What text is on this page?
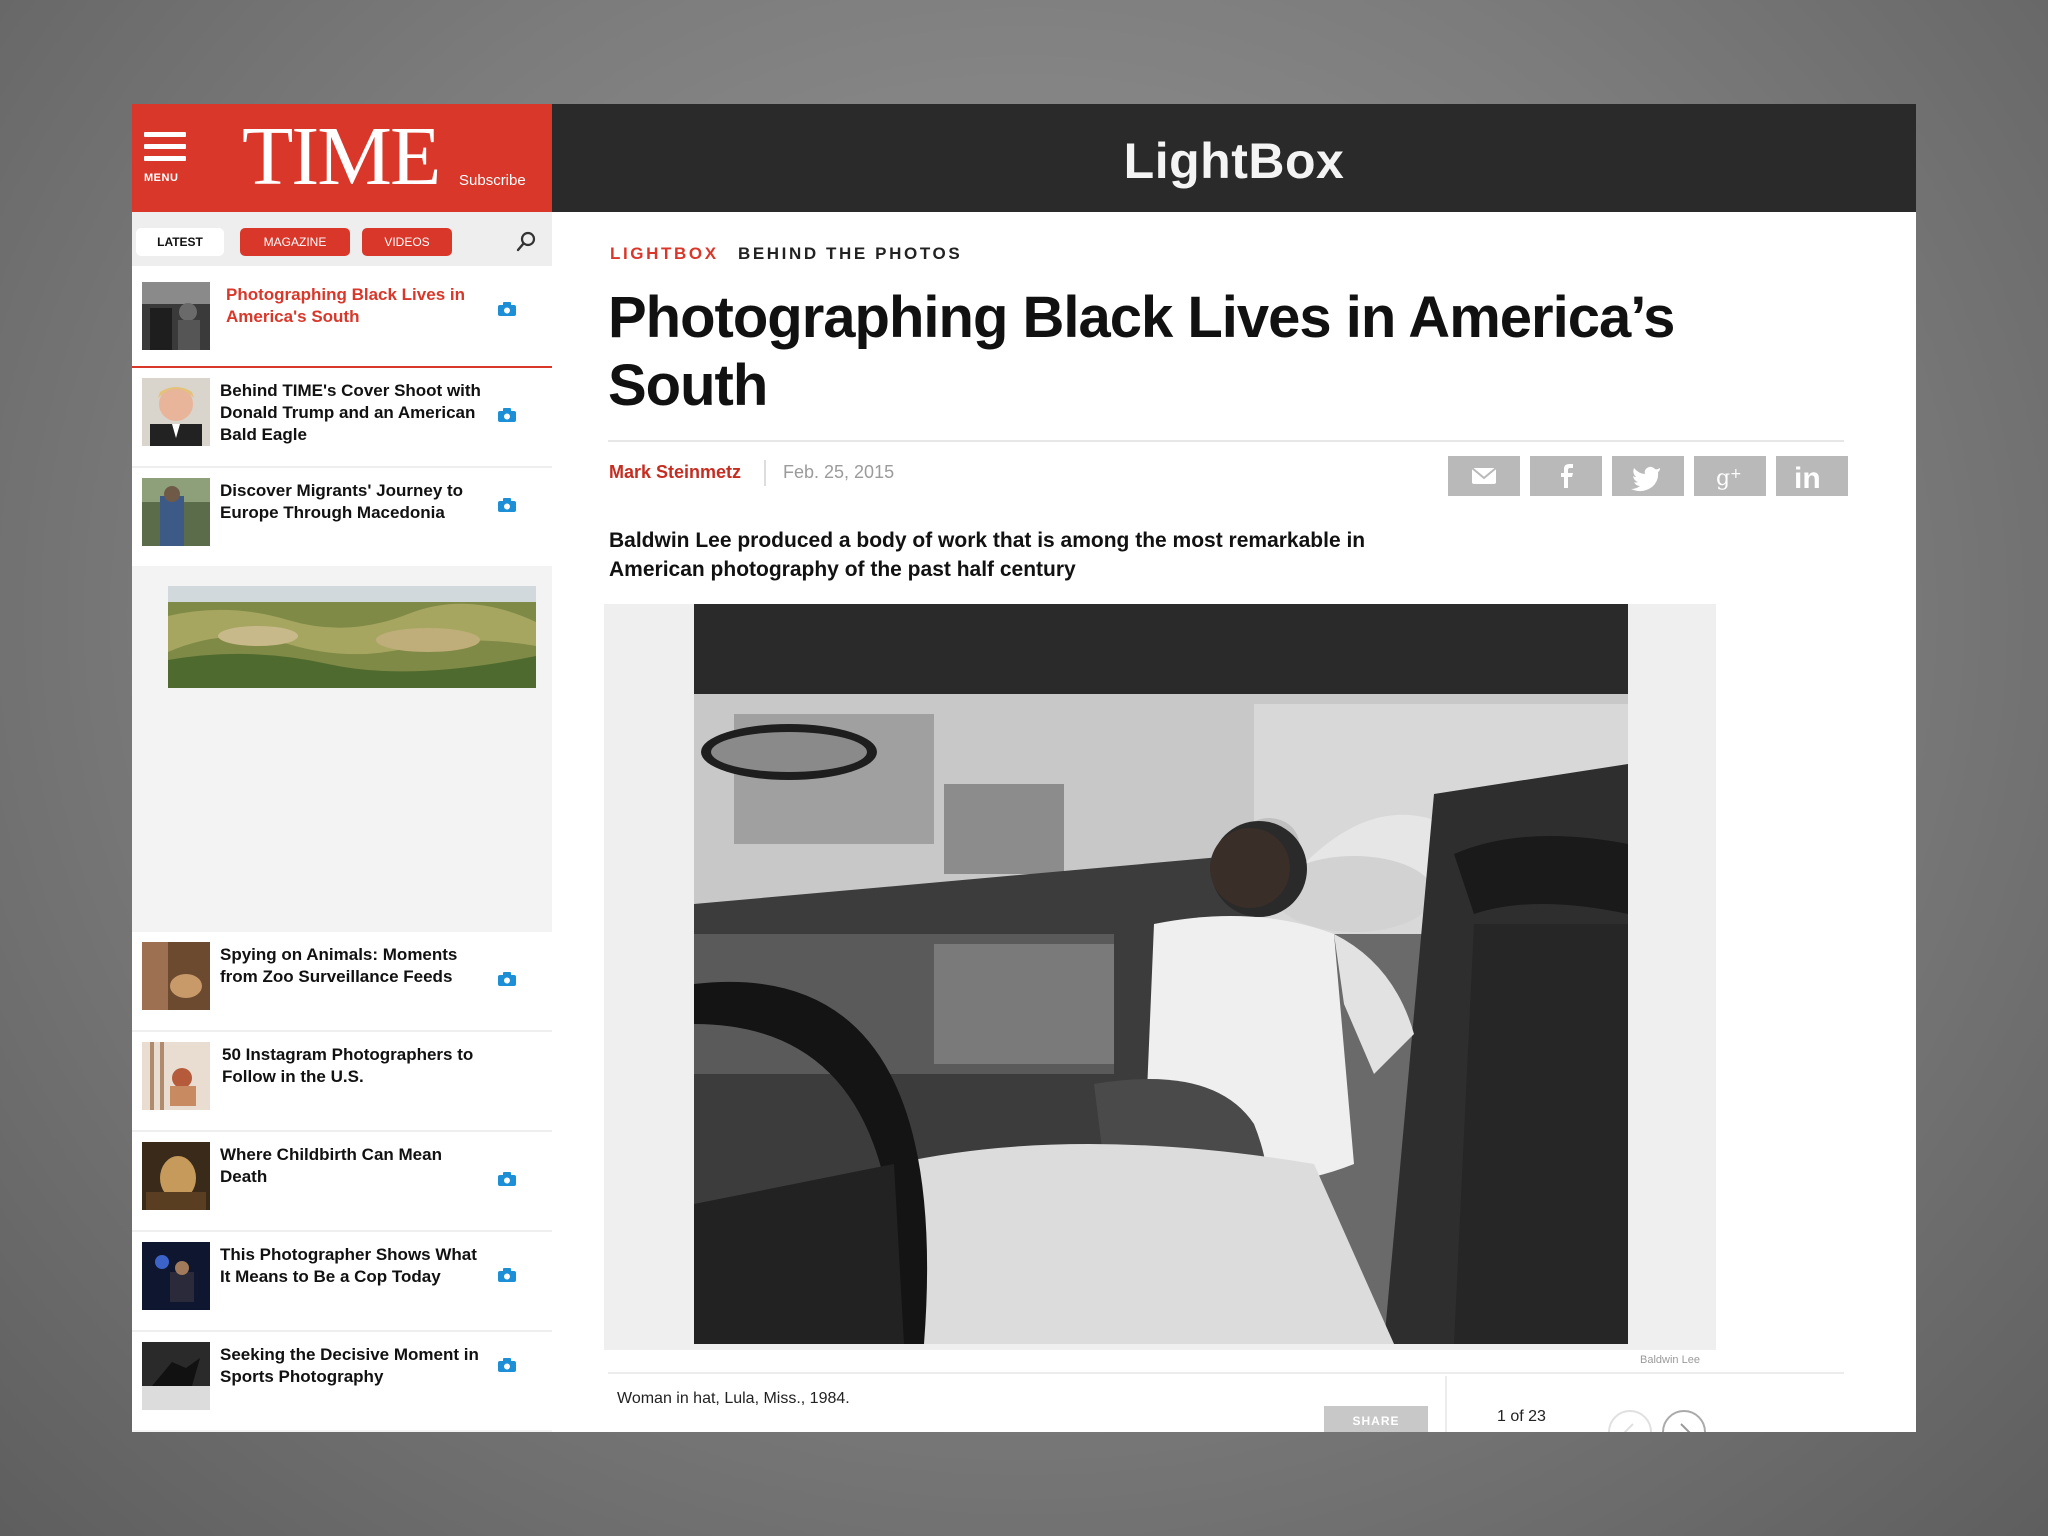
MENU TIME Subscribe
LATEST	MAGAZINE	VIDEOS
Photographing Black Lives in America's South
Behind TIME's Cover Shoot with Donald Trump and an American Bald Eagle
Discover Migrants' Journey to Europe Through Macedonia
Spying on Animals: Moments from Zoo Surveillance Feeds
50 Instagram Photographers to Follow in the U.S.
Where Childbirth Can Mean Death
This Photographer Shows What It Means to Be a Cop Today
Seeking the Decisive Moment in Sports Photography
LightBox
LIGHTBOX BEHIND THE PHOTOS
Photographing Black Lives in America’s South
Mark Steinmetz Feb. 25, 2015	g + in
Baldwin Lee produced a body of work that is among the most remarkable in American photography of the past half century
Baldwin Lee
Woman in hat, Lula, Miss., 1984.
SHARE	1 of 23
